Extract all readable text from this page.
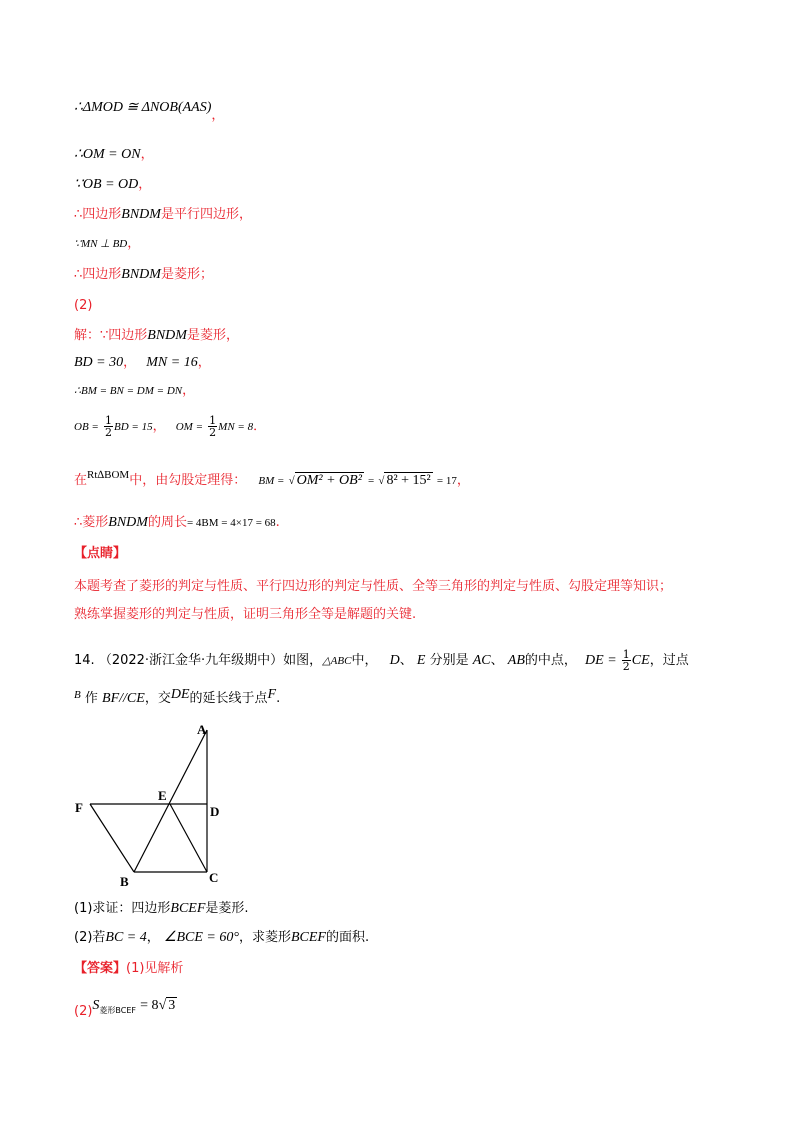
∴ΔMOD ≅ ΔNOB(AAS)，
∴OM = ON，
∵OB = OD，
∴四边形BNDM是平行四边形，
∵MN ⊥ BD，
∴四边形BNDM是菱形；
(2)
解：∵四边形BNDM是菱形，
BD = 30， MN = 16，
∴BM = BN = DM = DN，
OB = $\frac{1}{2}$ BD = 15， OM = $\frac{1}{2}$ MN = 8．
在$^{Rt\Delta BOM}$中，由勾股定理得： BM = √ OM² + OB² = √ 8² + 15² = 17，
∴菱形BNDM的周长= 4BM = 4×17 = 68.
【点睛】
本题考查了菱形的判定与性质、平行四边形的判定与性质、全等三角形的判定与性质、勾股定理等知识；
熟练掌握菱形的判定与性质，证明三角形全等是解题的关键.
14. （2022·浙江金华·九年级期中）如图，△ABC中， D、 E 分别是 AC、 AB的中点， DE = $\frac{1}{2}$ CE，过点
$^B$ 作 BF//CE，交DE的延长线于点F.
A
E
D
F
B	C
(1)求证：四边形BCEF是菱形.
(2)若BC = 4， ∠BCE = 60°，求菱形BCEF的面积.
【答案】(1)见解析
$(2)S_{菱形BCEF} = 8√$ 3
